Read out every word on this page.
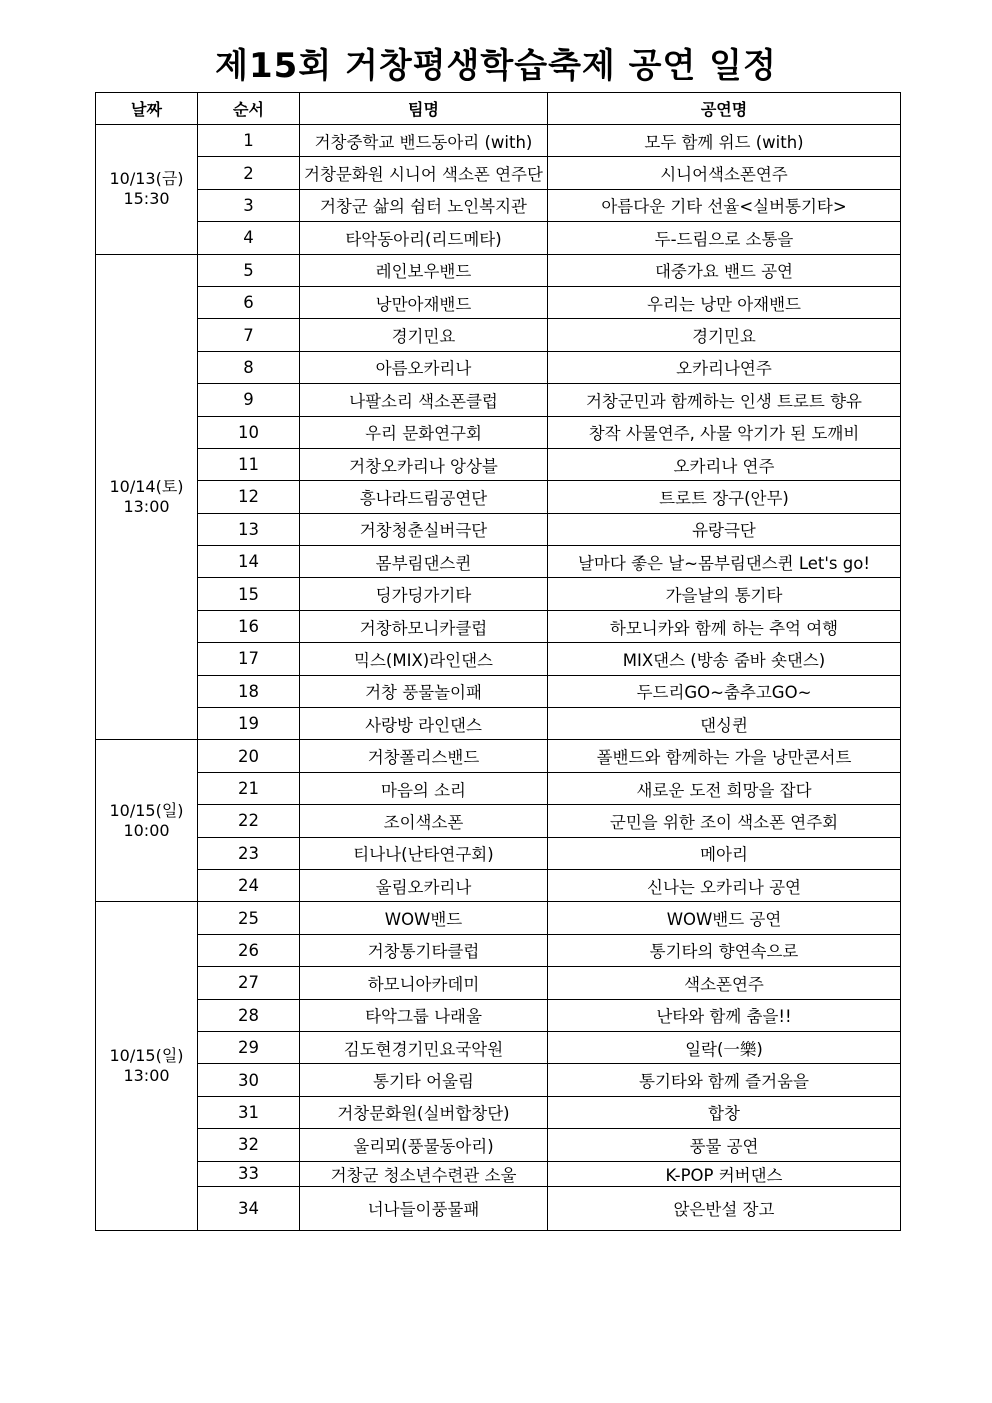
제15회 거창평생학습축제 공연 일정
날짜	순서	팀명	공연명

10/13(금)
15:30	1	거창중학교 밴드동아리 (with)	모두 함께 위드 (with)
	2	거창문화원 시니어 색소폰 연주단	시니어색소폰연주
	3	거창군 삶의 쉼터 노인복지관	아름다운 기타 선율<실버통기타>
	4	타악동아리(리드메타)	두-드림으로 소통을

10/14(토)
13:00	5	레인보우밴드	대중가요 밴드 공연
	6	낭만아재밴드	우리는 낭만 아재밴드
	7	경기민요	경기민요
	8	아름오카리나	오카리나연주
	9	나팔소리 색소폰클럽	거창군민과 함께하는 인생 트로트 향유
	10	우리 문화연구회	창작 사물연주, 사물 악기가 된 도깨비
	11	거창오카리나 앙상블	오카리나 연주
	12	흥나라드림공연단	트로트 장구(안무)
	13	거창청춘실버극단	유랑극단
	14	몸부림댄스퀸	날마다 좋은 날~몸부림댄스퀸 Let's go!
	15	딩가딩가기타	가을날의 통기타
	16	거창하모니카클럽	하모니카와 함께 하는 추억 여행
	17	믹스(MIX)라인댄스	MIX댄스 (방송 줌바 숏댄스)
	18	거창 풍물놀이패	두드리GO~춤추고GO~
	19	사랑방 라인댄스	댄싱퀸

10/15(일)
10:00	20	거창폴리스밴드	폴밴드와 함께하는 가을 낭만콘서트
	21	마음의 소리	새로운 도전 희망을 잡다
	22	조이색소폰	군민을 위한 조이 색소폰 연주회
	23	티나나(난타연구회)	메아리
	24	울림오카리나	신나는 오카리나 공연

10/15(일)
13:00	25	WOW밴드	WOW밴드 공연
	26	거창통기타클럽	통기타의 향연속으로
	27	하모니아카데미	색소폰연주
	28	타악그룹 나래울	난타와 함께 춤을!!
	29	김도현경기민요국악원	일락(一樂)
	30	통기타 어울림	통기타와 함께 즐거움을
	31	거창문화원(실버합창단)	합창
	32	울리뫼(풍물동아리)	풍물 공연
	33	거창군 청소년수련관 소울	K-POP 커버댄스
	34	너나들이풍물패	앉은반설 장고
